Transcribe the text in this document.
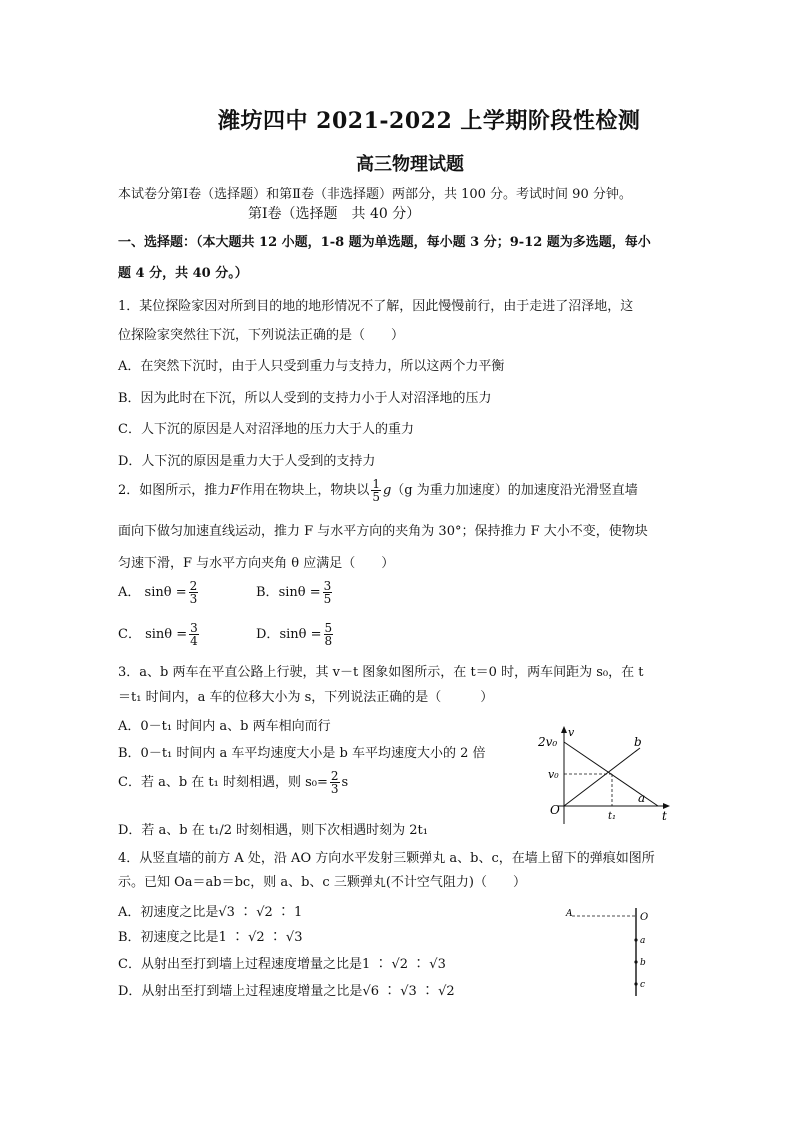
潍坊四中 2021-2022 上学期阶段性检测
高三物理试题
本试卷分第Ⅰ卷（选择题）和第Ⅱ卷（非选择题）两部分，共 100 分。考试时间 90 分钟。
第Ⅰ卷（选择题　共 40 分）
一、选择题：（本大题共 12 小题，1-8 题为单选题，每小题 3 分；9-12 题为多选题，每小
题 4 分，共 40 分。）
1．某位探险家因对所到目的地的地形情况不了解，因此慢慢前行，由于走进了沼泽地，这
位探险家突然往下沉，下列说法正确的是（　　）
A．在突然下沉时，由于人只受到重力与支持力，所以这两个力平衡
B．因为此时在下沉，所以人受到的支持力小于人对沼泽地的压力
C．人下沉的原因是人对沼泽地的压力大于人的重力
D．人下沉的原因是重力大于人受到的支持力
2．如图所示，推力F作用在物块上，物块以 $\frac{1}{5} g(g$ 为重力加速度）的加速度沿光滑竖直墙
面向下做匀加速直线运动，推力 F 与水平方向的夹角为 30°；保持推力 F 大小不变，使物块
匀速下滑，F 与水平方向夹角 θ 应满足（　　）
A． $\sin\theta = \frac{2}{3}$	B．$\sin\theta = \frac{3}{5}$
C． $\sin\theta = \frac{3}{4}$	D．$\sin\theta = \frac{5}{8}$
3．a、b 两车在平直公路上行驶，其 v－t 图象如图所示，在 t＝0 时，两车间距为 s₀，在 t
＝t₁ 时间内，a 车的位移大小为 s，下列说法正确的是（　　　）
A．0－t₁ 时间内 a、b 两车相向而行
B．0－t₁ 时间内 a 车平均速度大小是 b 车平均速度大小的 2 倍
C．若 a、b 在 t₁ 时刻相遇，则 $s_0= \frac{2}{3}$ s
D．若 a、b 在 t₁/2 时刻相遇，则下次相遇时刻为 2t₁
v
t
O
2v₀
v₀
t₁
a
b
4．从竖直墙的前方 A 处，沿 AO 方向水平发射三颗弹丸 a、b、c，在墙上留下的弹痕如图所
示。已知 Oa＝ab＝bc，则 a、b、c 三颗弹丸(不计空气阻力)（　　）
A．初速度之比是√3 ∶ √2 ∶ 1
B．初速度之比是1 ∶ √2 ∶ √3
C．从射出至打到墙上过程速度增量之比是1 ∶ √2 ∶ √3
D．从射出至打到墙上过程速度增量之比是√6 ∶ √3 ∶ √2
A	O
a
b
c
